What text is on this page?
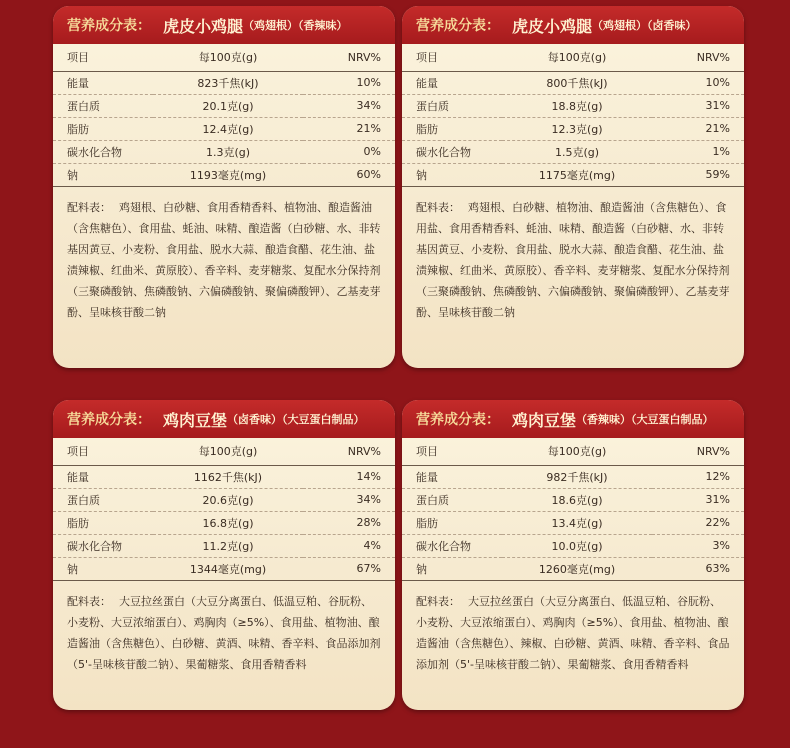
营养成分表： 虎皮小鸡腿 （鸡翅根）（香辣味）
项目	每100克(g)	NRV%
能量	823千焦(kJ)	10%
蛋白质	20.1克(g)	34%
脂肪	12.4克(g)	21%
碳水化合物	1.3克(g)	0%
钠	1193毫克(mg)	60%
配料表： 鸡翅根、白砂糖、食用香精香料、植物油、酿造酱油（含焦糖色）、食用盐、蚝油、味精、酿造酱（白砂糖、水、非转基因黄豆、小麦粉、食用盐、脱水大蒜、酿造食醋、花生油、盐渍辣椒、红曲米、黄原胶）、香辛料、麦芽糖浆、复配水分保持剂（三聚磷酸钠、焦磷酸钠、六偏磷酸钠、聚偏磷酸钾）、乙基麦芽酚、呈味核苷酸二钠
营养成分表： 虎皮小鸡腿 （鸡翅根）（卤香味）
项目	每100克(g)	NRV%
能量	800千焦(kJ)	10%
蛋白质	18.8克(g)	31%
脂肪	12.3克(g)	21%
碳水化合物	1.5克(g)	1%
钠	1175毫克(mg)	59%
配料表： 鸡翅根、白砂糖、植物油、酿造酱油（含焦糖色）、食用盐、食用香精香料、蚝油、味精、酿造酱（白砂糖、水、非转基因黄豆、小麦粉、食用盐、脱水大蒜、酿造食醋、花生油、盐渍辣椒、红曲米、黄原胶）、香辛料、麦芽糖浆、复配水分保持剂（三聚磷酸钠、焦磷酸钠、六偏磷酸钠、聚偏磷酸钾）、乙基麦芽酚、呈味核苷酸二钠
营养成分表： 鸡肉豆堡 （卤香味）（大豆蛋白制品）
项目	每100克(g)	NRV%
能量	1162千焦(kJ)	14%
蛋白质	20.6克(g)	34%
脂肪	16.8克(g)	28%
碳水化合物	11.2克(g)	4%
钠	1344毫克(mg)	67%
配料表： 大豆拉丝蛋白（大豆分离蛋白、低温豆粕、谷朊粉、小麦粉、大豆浓缩蛋白）、鸡胸肉（≥5%）、食用盐、植物油、酿造酱油（含焦糖色）、白砂糖、黄酒、味精、香辛料、食品添加剂（5'-呈味核苷酸二钠）、果葡糖浆、食用香精香料
营养成分表： 鸡肉豆堡 （香辣味）（大豆蛋白制品）
项目	每100克(g)	NRV%
能量	982千焦(kJ)	12%
蛋白质	18.6克(g)	31%
脂肪	13.4克(g)	22%
碳水化合物	10.0克(g)	3%
钠	1260毫克(mg)	63%
配料表： 大豆拉丝蛋白（大豆分离蛋白、低温豆粕、谷朊粉、小麦粉、大豆浓缩蛋白）、鸡胸肉（≥5%）、食用盐、植物油、酿造酱油（含焦糖色）、辣椒、白砂糖、黄酒、味精、香辛料、食品添加剂（5'-呈味核苷酸二钠）、果葡糖浆、食用香精香料
